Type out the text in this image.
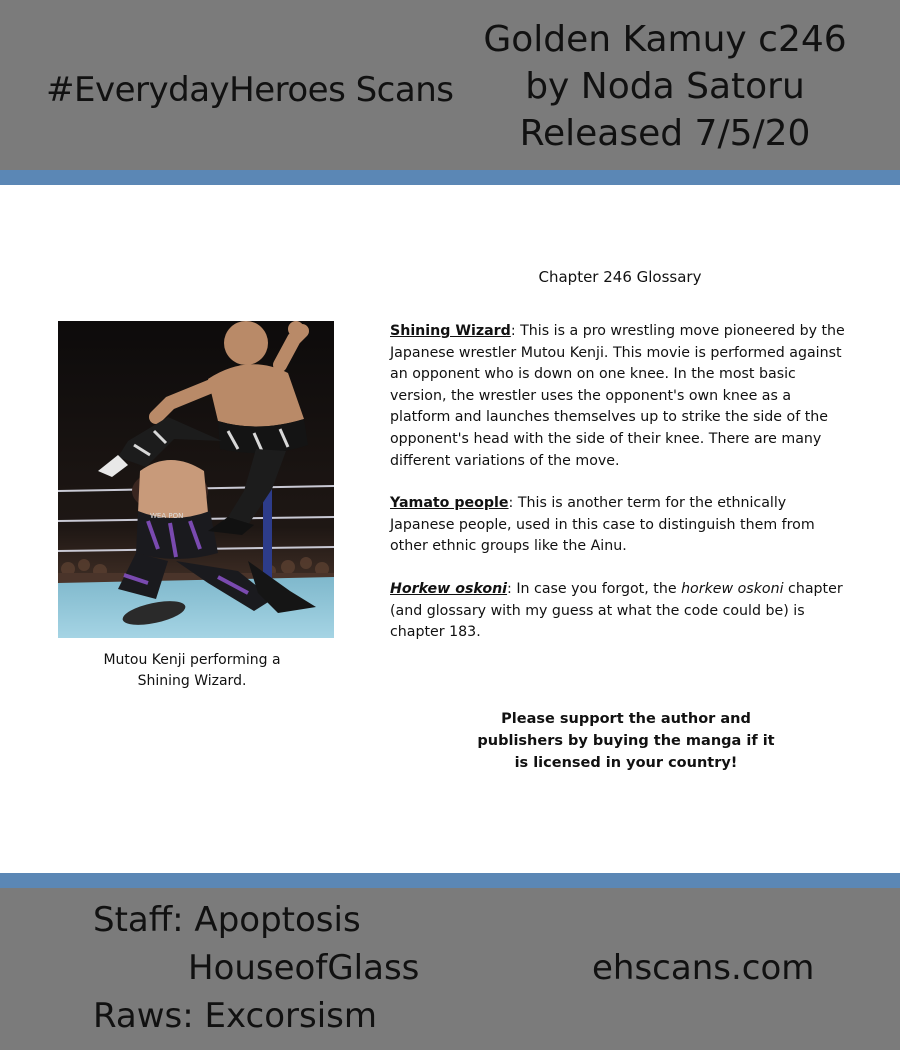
#EverydayHeroes Scans
Golden Kamuy c246
by Noda Satoru
Released 7/5/20
Chapter 246 Glossary
WEA PON
Mutou Kenji performing a Shining Wizard.
Shining Wizard: This is a pro wrestling move pioneered by the Japanese wrestler Mutou Kenji. This movie is performed against an opponent who is down on one knee. In the most basic version, the wrestler uses the opponent's own knee as a platform and launches themselves up to strike the side of the opponent's head with the side of their knee. There are many different variations of the move.
Yamato people: This is another term for the ethnically Japanese people, used in this case to distinguish them from other ethnic groups like the Ainu.
Horkew oskoni: In case you forgot, the horkew oskoni chapter (and glossary with my guess at what the code could be) is chapter 183.
Please support the author and publishers by buying the manga if it is licensed in your country!
Staff: Apoptosis
HouseofGlass
Raws: Excorsism
ehscans.com
